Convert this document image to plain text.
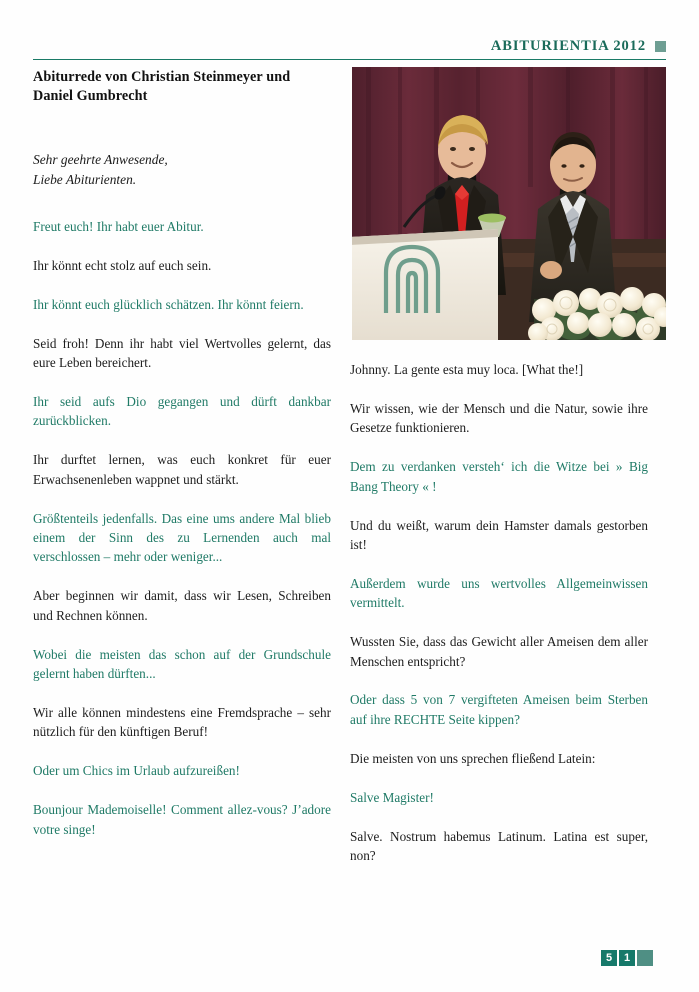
ABITURIENTIA 2012
Abiturrede von Christian Steinmeyer und Daniel Gumbrecht
Sehr geehrte Anwesende,
Liebe Abiturienten.

Freut euch! Ihr habt euer Abitur.

Ihr könnt echt stolz auf euch sein.

Ihr könnt euch glücklich schätzen. Ihr könnt feiern.

Seid froh! Denn ihr habt viel Wertvolles gelernt, das eure Leben bereichert.

Ihr seid aufs Dio gegangen und dürft dankbar zurückblicken.

Ihr durftet lernen, was euch konkret für euer Erwachsenenleben wappnet und stärkt.

Größtenteils jedenfalls. Das eine ums andere Mal blieb einem der Sinn des zu Lernenden auch mal verschlossen – mehr oder weniger...

Aber beginnen wir damit, dass wir Lesen, Schreiben und Rechnen können.

Wobei die meisten das schon auf der Grundschule gelernt haben dürften...

Wir alle können mindestens eine Fremdsprache – sehr nützlich für den künftigen Beruf!

Oder um Chics im Urlaub aufzureißen!

Bounjour Mademoiselle! Comment allez-vous? J’adore votre singe!

Johnny. La gente esta muy loca. [What the!]

Wir wissen, wie der Mensch und die Natur, sowie ihre Gesetze funktionieren.

Dem zu verdanken versteh‘ ich die Witze bei » Big Bang Theory « !

Und du weißt, warum dein Hamster damals gestorben ist!

Außerdem wurde uns wertvolles Allgemeinwissen vermittelt.

Wussten Sie, dass das Gewicht aller Ameisen dem aller Menschen entspricht?

Oder dass 5 von 7 vergifteten Ameisen beim Sterben auf ihre RECHTE Seite kippen?

Die meisten von uns sprechen fließend Latein:

Salve Magister!

Salve. Nostrum habemus Latinum. Latina est super, non?

5	1
